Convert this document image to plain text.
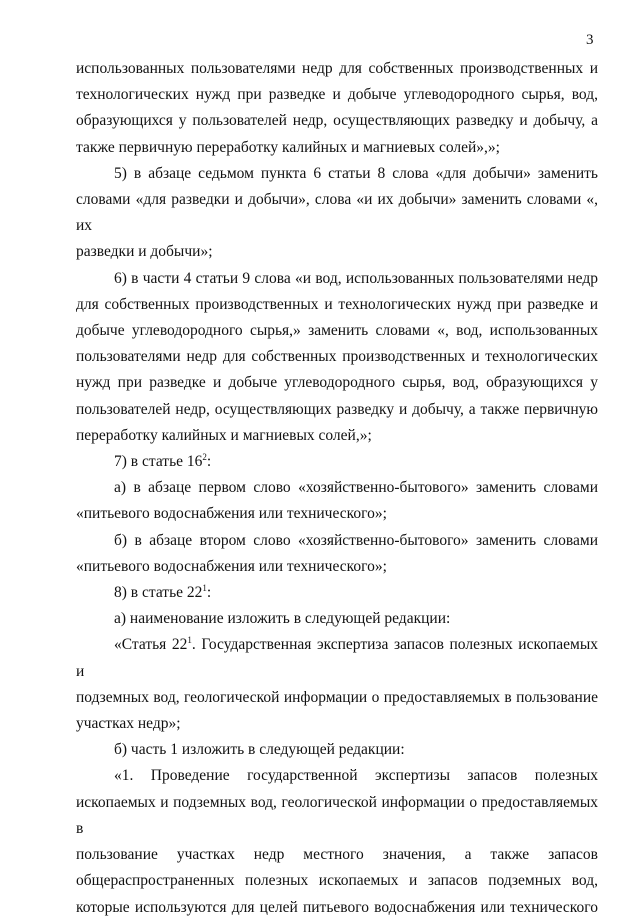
3

использованных пользователями недр для собственных производственных и
технологических нужд при разведке и добыче углеводородного сырья, вод,
образующихся у пользователей недр, осуществляющих разведку и добычу, а
также первичную переработку калийных и магниевых солей»,»;

5) в абзаце седьмом пункта 6 статьи 8 слова «для добычи» заменить
словами «для разведки и добычи», слова «и их добычи» заменить словами «, их
разведки и добычи»;

6) в части 4 статьи 9 слова «и вод, использованных пользователями недр
для собственных производственных и технологических нужд при разведке и
добыче углеводородного сырья,» заменить словами «, вод, использованных
пользователями недр для собственных производственных и технологических
нужд при разведке и добыче углеводородного сырья, вод, образующихся у
пользователей недр, осуществляющих разведку и добычу, а также первичную
переработку калийных и магниевых солей,»;

7) в статье $16^2$:

а) в абзаце первом слово «хозяйственно-бытового» заменить словами
«питьевого водоснабжения или технического»;

б) в абзаце втором слово «хозяйственно-бытового» заменить словами
«питьевого водоснабжения или технического»;

8) в статье $22^1$:

а) наименование изложить в следующей редакции:

«Статья $22^1$. Государственная экспертиза запасов полезных ископаемых и
подземных вод, геологической информации о предоставляемых в пользование
участках недр»;

б) часть 1 изложить в следующей редакции:

«1. Проведение государственной экспертизы запасов полезных
ископаемых и подземных вод, геологической информации о предоставляемых в
пользование участках недр местного значения, а также запасов
общераспространенных полезных ископаемых и запасов подземных вод,
которые используются для целей питьевого водоснабжения или технического
